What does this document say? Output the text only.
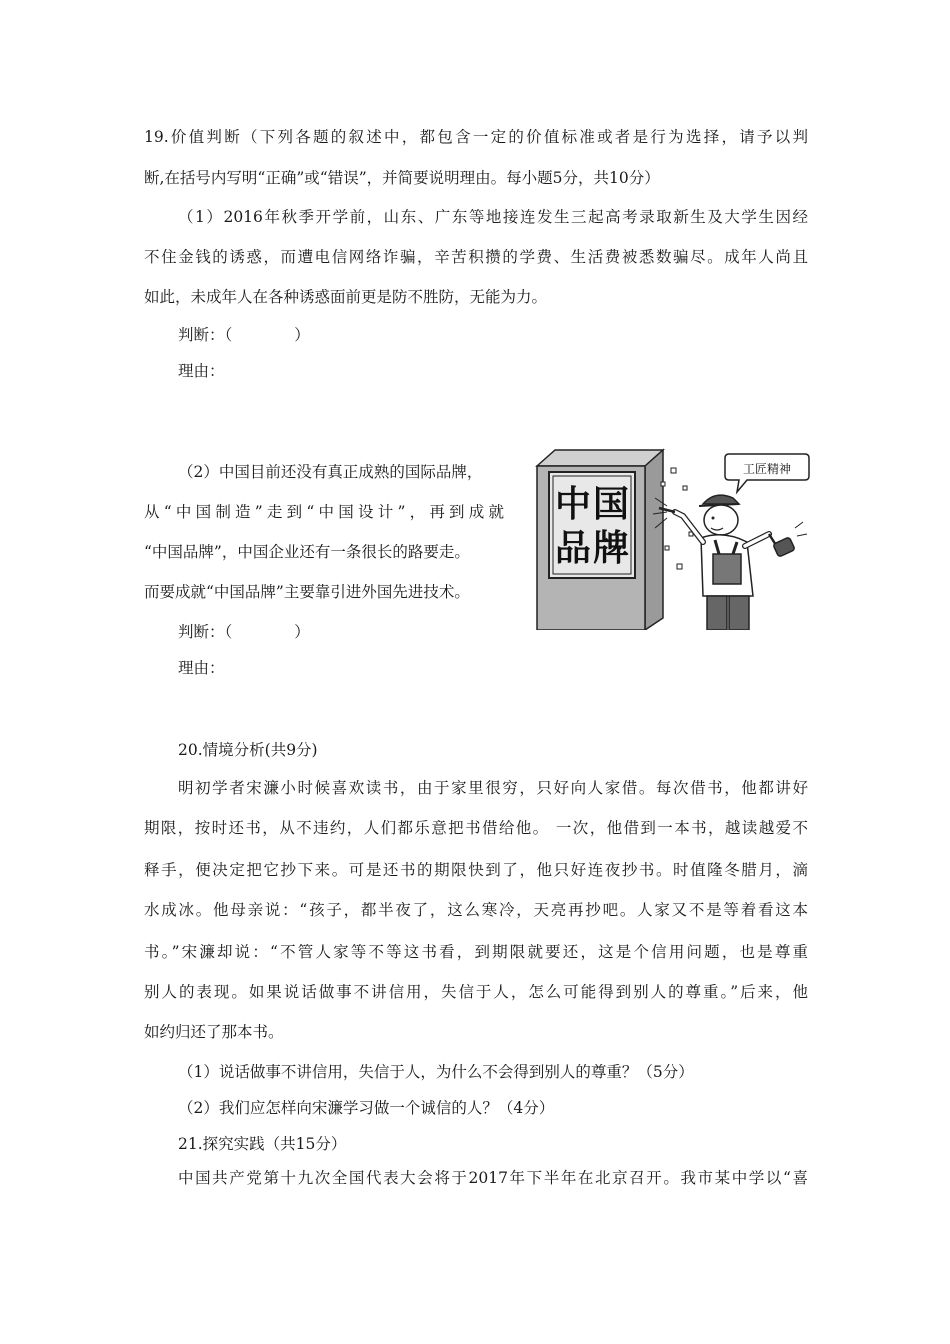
19.价值判断（下列各题的叙述中，都包含一定的价值标准或者是行为选择，请予以判
断,在括号内写明“正确”或“错误”，并简要说明理由。每小题5分，共10分）
（1）2016年秋季开学前，山东、广东等地接连发生三起高考录取新生及大学生因经
不住金钱的诱惑，而遭电信网络诈骗，辛苦积攒的学费、生活费被悉数骗尽。成年人尚且
如此，未成年人在各种诱惑面前更是防不胜防，无能为力。
判断：（	）
理由：
（2）中国目前还没有真正成熟的国际品牌，
从“中国制造”走到“中国设计”，再到成就
“中国品牌”，中国企业还有一条很长的路要走。
而要成就“中国品牌”主要靠引进外国先进技术。
判断：（	）
理由：
中 国
品 牌
工匠精神
20.情境分析(共9分)
明初学者宋濂小时候喜欢读书，由于家里很穷，只好向人家借。每次借书，他都讲好
期限，按时还书，从不违约，人们都乐意把书借给他。 一次，他借到一本书，越读越爱不
释手，便决定把它抄下来。可是还书的期限快到了，他只好连夜抄书。时值隆冬腊月，滴
水成冰。他母亲说：“孩子，都半夜了，这么寒冷，天亮再抄吧。人家又不是等着看这本
书。”宋濂却说：“不管人家等不等这书看，到期限就要还，这是个信用问题，也是尊重
别人的表现。如果说话做事不讲信用，失信于人，怎么可能得到别人的尊重。”后来，他
如约归还了那本书。
（1）说话做事不讲信用，失信于人，为什么不会得到别人的尊重？（5分）
（2）我们应怎样向宋濂学习做一个诚信的人？（4分）
21.探究实践（共15分）
中国共产党第十九次全国代表大会将于2017年下半年在北京召开。我市某中学以“喜
